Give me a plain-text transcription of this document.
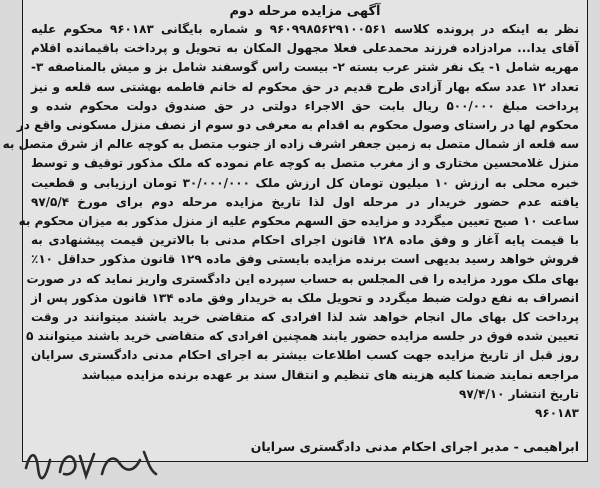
آگهی مزایده مرحله دوم
نظر به اینکه در پرونده کلاسه ۹۶۰۹۹۸۵۶۲۹۱۰۰۵۶۱ و شماره بایگانی ۹۶۰۱۸۳ محکوم علیه
آقای یدا... مرادزاده فرزند محمدعلی فعلا مجهول المکان به تحویل و پرداخت باقیمانده اقلام
مهریه شامل ۱- یک نفر شتر عرب بسته ۲- بیست راس گوسفند شامل بز و میش بالمناصفه ۳-
تعداد ۱۲ عدد سکه بهار آزادی طرح قدیم در حق محکوم له خانم فاطمه بهشتی سه قلعه و نیز
پرداخت مبلغ ۵۰۰/۰۰۰ ریال بابت حق الاجراء دولتی در حق صندوق دولت محکوم شده و
محکوم لها در راستای وصول محکوم به اقدام به معرفی دو سوم از نصف منزل مسکونی واقع در
سه قلعه از شمال متصل به زمین جعفر اشرف زاده از جنوب متصل به کوچه عالم از شرق متصل به
منزل غلامحسین مختاری و از مغرب متصل به کوچه عام نموده که ملک مذکور توقیف و توسط
خبره محلی به ارزش ۱۰ میلیون تومان کل ارزش ملک ۳۰/۰۰۰/۰۰۰ تومان ارزیابی و قطعیت
یافته عدم حضور خریدار در مرحله اول لذا تاریخ مزایده مرحله دوم برای مورخ ۹۷/۵/۴
ساعت ۱۰ صبح تعیین میگردد و مزایده حق السهم محکوم علیه از منزل مذکور به میزان محکوم به
با قیمت پایه آغاز و وفق ماده ۱۲۸ قانون اجرای احکام مدنی با بالاترین قیمت پیشنهادی به
فروش خواهد رسید بدیهی است برنده مزایده بایستی وفق ماده ۱۲۹ قانون مذکور حداقل ۱۰٪
بهای ملک مورد مزایده را فی المجلس به حساب سپرده این دادگستری واریز نماید که در صورت
انصراف به نفع دولت ضبط میگردد و تحویل ملک به خریدار وفق ماده ۱۳۴ قانون مذکور پس از
پرداخت کل بهای مال انجام خواهد شد لذا افرادی که متقاضی خرید باشند میتوانند در وقت
تعیین شده فوق در جلسه مزایده حضور یابند همچنین افرادی که متقاضی خرید باشند میتوانند ۵
روز قبل از تاریخ مزایده جهت کسب اطلاعات بیشتر به اجرای احکام مدنی دادگستری سرایان
مراجعه نمایند ضمنا کلیه هزینه های تنظیم و انتقال سند بر عهده برنده مزایده میباشد
تاریخ انتشار ۹۷/۴/۱۰
۹۶۰۱۸۳
ابراهیمی - مدیر اجرای احکام مدنی دادگستری سرایان
